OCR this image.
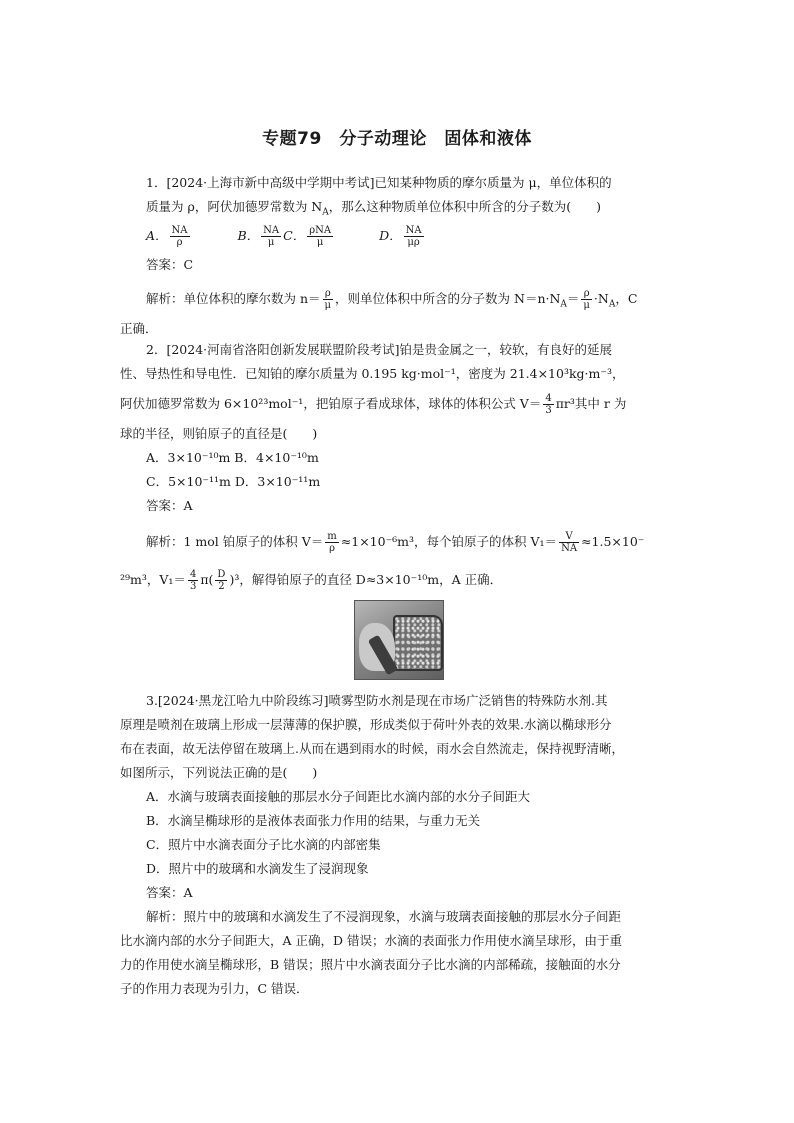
专题79　分子动理论　固体和液体
1．[2024·上海市新中高级中学期中考试]已知某种物质的摩尔质量为 μ，单位体积的
质量为 ρ，阿伏加德罗常数为 $N_A$，那么这种物质单位体积中所含的分子数为(　　)
A． $\frac{NA}{\rho}$	B． $\frac{NA}{\mu}$ C． $\frac{\text{ρNA}}{\mu}$	D． $\frac{NA}{\mu\rho}$
答案：C
解析：单位体积的摩尔数为 $n= \frac{\rho}{\mu}$ ，则单位体积中所含的分子数为 $N=n\cdot N_A= \frac{\rho}{\mu} \cdot N_A$，C
正确．
2．[2024·河南省洛阳创新发展联盟阶段考试]铂是贵金属之一，较软，有良好的延展
性、导热性和导电性．已知铂的摩尔质量为 0.195 kg·mol⁻¹，密度为 21.4×10³kg·m⁻³，
阿伏加德罗常数为 6×10²³mol⁻¹，把铂原子看成球体，球体的体积公式 $V= \frac{4}{3} \pi r^3$其中 r 为
球的半径，则铂原子的直径是(　　)
A．3×10⁻¹⁰m B．4×10⁻¹⁰m
C．5×10⁻¹¹m D．3×10⁻¹¹m
答案：A
解析：1 mol 铂原子的体积 $V= \frac{m}{\rho} \approx 1\times 10^{-6}m^3$，每个铂原子的体积 $V_1= \frac{V}{NA} \approx 1.5\times 10^-$
²⁹m³，$V_1= \frac{4}{3} \pi( \frac{D}{2} )^3$，解得铂原子的直径 D≈3×10⁻¹⁰m，A 正确．
3.[2024·黑龙江哈九中阶段练习]喷雾型防水剂是现在市场广泛销售的特殊防水剂.其
原理是喷剂在玻璃上形成一层薄薄的保护膜，形成类似于荷叶外表的效果.水滴以椭球形分
布在表面，故无法停留在玻璃上.从而在遇到雨水的时候，雨水会自然流走，保持视野清晰，
如图所示，下列说法正确的是(　　)
A．水滴与玻璃表面接触的那层水分子间距比水滴内部的水分子间距大
B．水滴呈椭球形的是液体表面张力作用的结果，与重力无关
C．照片中水滴表面分子比水滴的内部密集
D．照片中的玻璃和水滴发生了浸润现象
答案：A
解析：照片中的玻璃和水滴发生了不浸润现象，水滴与玻璃表面接触的那层水分子间距
比水滴内部的水分子间距大，A 正确，D 错误；水滴的表面张力作用使水滴呈球形，由于重
力的作用使水滴呈椭球形，B 错误；照片中水滴表面分子比水滴的内部稀疏，接触面的水分
子的作用力表现为引力，C 错误．
